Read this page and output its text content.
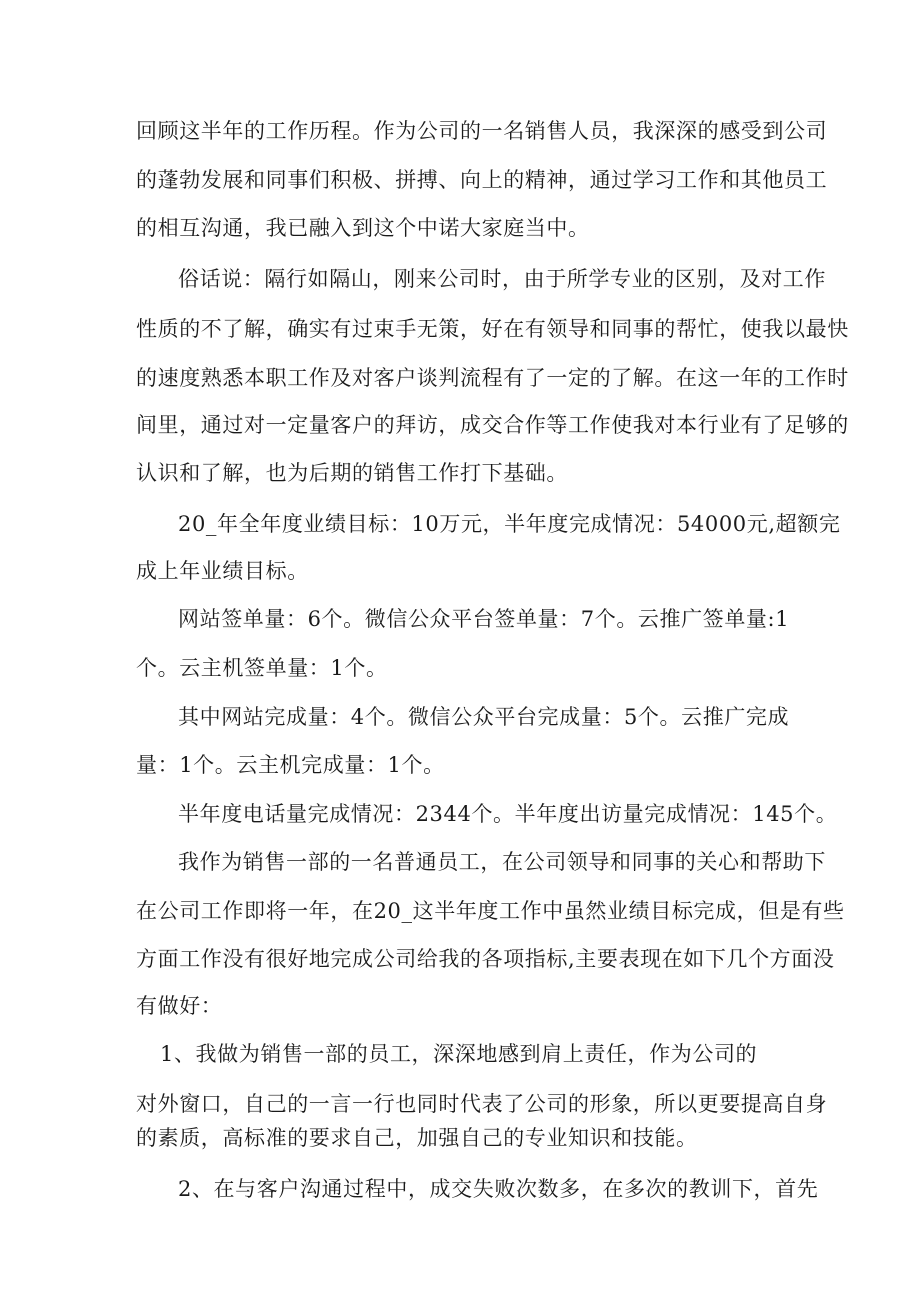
回顾这半年的工作历程。作为公司的一名销售人员，我深深的感受到公司
的蓬勃发展和同事们积极、拼搏、向上的精神，通过学习工作和其他员工
的相互沟通，我已融入到这个中诺大家庭当中。
俗话说：隔行如隔山，刚来公司时，由于所学专业的区别，及对工作
性质的不了解，确实有过束手无策，好在有领导和同事的帮忙，使我以最快
的速度熟悉本职工作及对客户谈判流程有了一定的了解。在这一年的工作时
间里，通过对一定量客户的拜访，成交合作等工作使我对本行业有了足够的
认识和了解，也为后期的销售工作打下基础。
20_年全年度业绩目标：10万元，半年度完成情况：54000元,超额完
成上年业绩目标。
网站签单量：6个。微信公众平台签单量：7个。云推广签单量:1
个。云主机签单量：1个。
其中网站完成量：4个。微信公众平台完成量：5个。云推广完成
量：1个。云主机完成量：1个。
半年度电话量完成情况：2344个。半年度出访量完成情况：145个。
我作为销售一部的一名普通员工，在公司领导和同事的关心和帮助下
在公司工作即将一年，在20_这半年度工作中虽然业绩目标完成，但是有些
方面工作没有很好地完成公司给我的各项指标,主要表现在如下几个方面没
有做好：
1、我做为销售一部的员工，深深地感到肩上责任，作为公司的
对外窗口，自己的一言一行也同时代表了公司的形象，所以更要提高自身
的素质，高标准的要求自己，加强自己的专业知识和技能。
2、在与客户沟通过程中，成交失败次数多，在多次的教训下，首先
